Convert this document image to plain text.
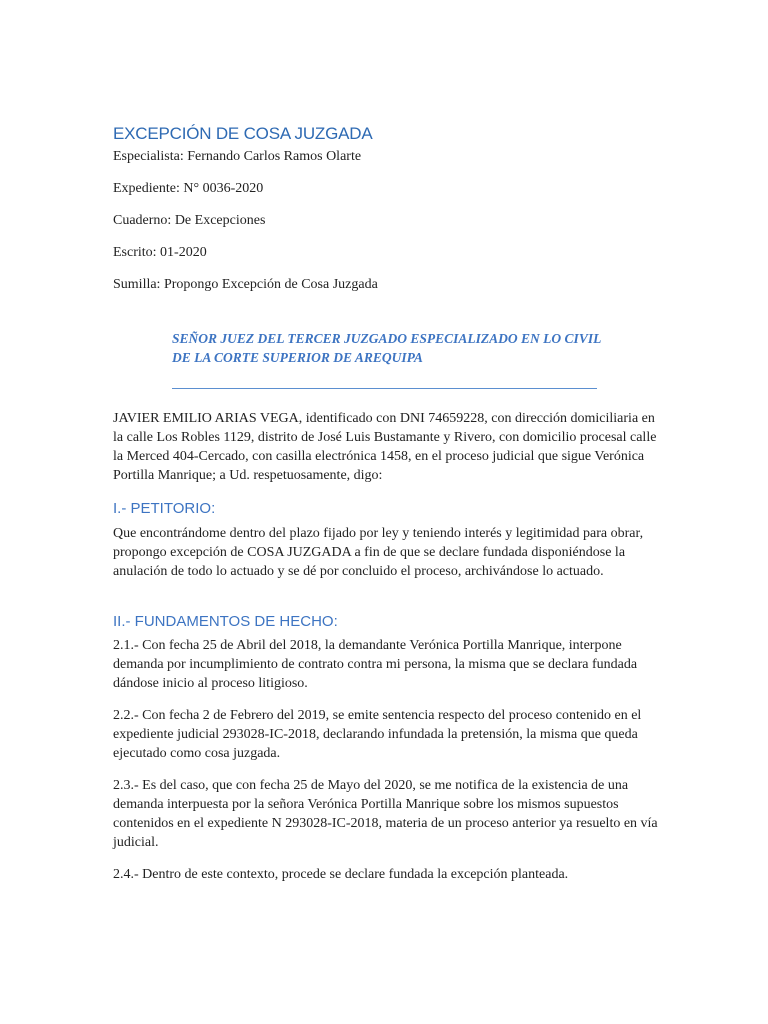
EXCEPCIÓN DE COSA JUZGADA

Especialista: Fernando Carlos Ramos Olarte

Expediente: N° 0036-2020

Cuaderno: De Excepciones

Escrito: 01-2020

Sumilla: Propongo Excepción de Cosa Juzgada

SEÑOR JUEZ DEL TERCER JUZGADO ESPECIALIZADO EN LO CIVIL DE LA CORTE SUPERIOR DE AREQUIPA

JAVIER EMILIO ARIAS VEGA, identificado con DNI 74659228, con dirección domiciliaria en la calle Los Robles 1129, distrito de José Luis Bustamante y Rivero, con domicilio procesal calle la Merced 404-Cercado, con casilla electrónica 1458, en el proceso judicial que sigue Verónica Portilla Manrique; a Ud. respetuosamente, digo:

I.- PETITORIO:

Que encontrándome dentro del plazo fijado por ley y teniendo interés y legitimidad para obrar, propongo excepción de COSA JUZGADA a fin de que se declare fundada disponiéndose la anulación de todo lo actuado y se dé por concluido el proceso, archivándose lo actuado.

II.- FUNDAMENTOS DE HECHO:

2.1.- Con fecha 25 de Abril del 2018, la demandante Verónica Portilla Manrique, interpone demanda por incumplimiento de contrato contra mi persona, la misma que se declara fundada dándose inicio al proceso litigioso.

2.2.- Con fecha 2 de Febrero del 2019, se emite sentencia respecto del proceso contenido en el expediente judicial 293028-IC-2018, declarando infundada la pretensión, la misma que queda ejecutado como cosa juzgada.

2.3.- Es del caso, que con fecha 25 de Mayo del 2020, se me notifica de la existencia de una demanda interpuesta por la señora Verónica Portilla Manrique sobre los mismos supuestos contenidos en el expediente N 293028-IC-2018, materia de un proceso anterior ya resuelto en vía judicial.

2.4.- Dentro de este contexto, procede se declare fundada la excepción planteada.
